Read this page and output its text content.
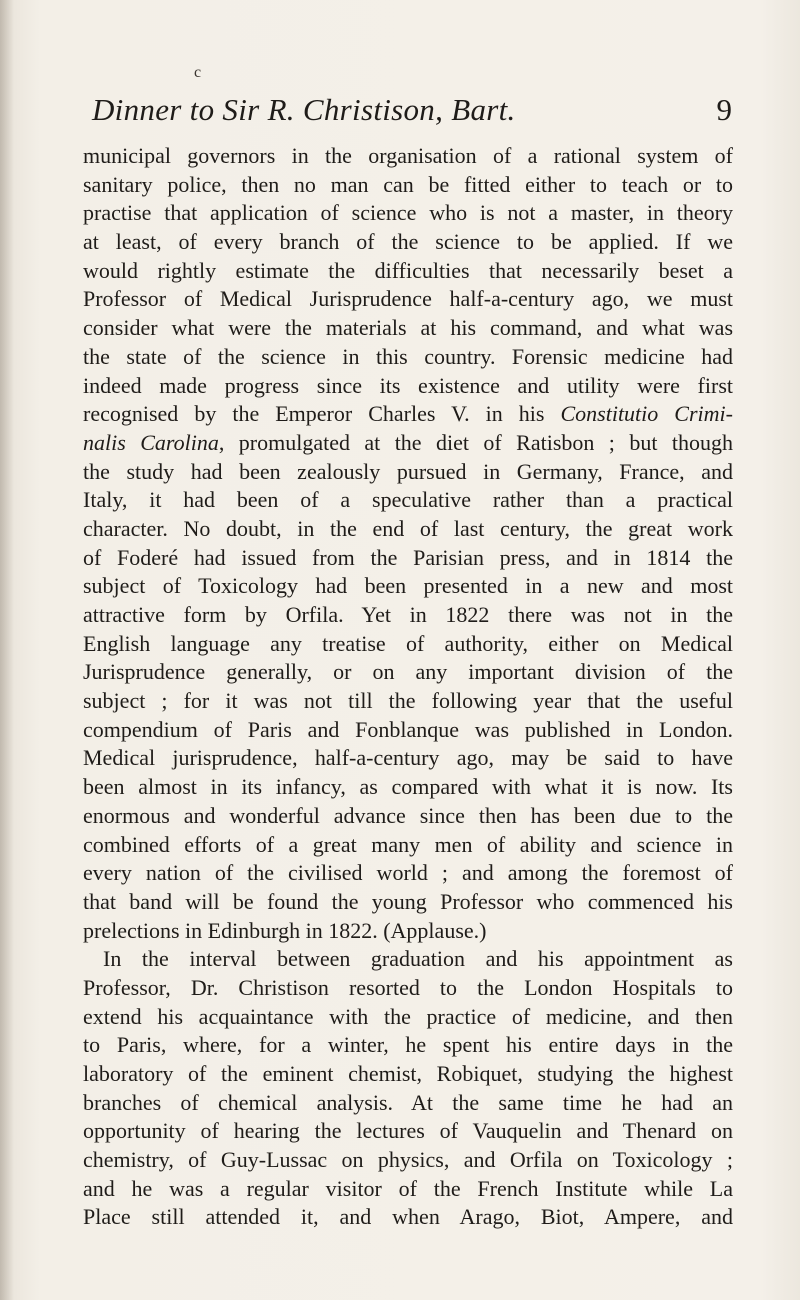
c
Dinner to Sir R. Christison, Bart.	9
municipal governors in the organisation of a rational system of
sanitary police, then no man can be fitted either to teach or to
practise that application of science who is not a master, in theory
at least, of every branch of the science to be applied. If we
would rightly estimate the difficulties that necessarily beset a
Professor of Medical Jurisprudence half-a-century ago, we must
consider what were the materials at his command, and what was
the state of the science in this country. Forensic medicine had
indeed made progress since its existence and utility were first
recognised by the Emperor Charles V. in his Constitutio Crimi-
nalis Carolina, promulgated at the diet of Ratisbon ; but though
the study had been zealously pursued in Germany, France, and
Italy, it had been of a speculative rather than a practical
character. No doubt, in the end of last century, the great work
of Foderé had issued from the Parisian press, and in 1814 the
subject of Toxicology had been presented in a new and most
attractive form by Orfila. Yet in 1822 there was not in the
English language any treatise of authority, either on Medical
Jurisprudence generally, or on any important division of the
subject ; for it was not till the following year that the useful
compendium of Paris and Fonblanque was published in London.
Medical jurisprudence, half-a-century ago, may be said to have
been almost in its infancy, as compared with what it is now. Its
enormous and wonderful advance since then has been due to the
combined efforts of a great many men of ability and science in
every nation of the civilised world ; and among the foremost of
that band will be found the young Professor who commenced his
prelections in Edinburgh in 1822. (Applause.)
In the interval between graduation and his appointment as
Professor, Dr. Christison resorted to the London Hospitals to
extend his acquaintance with the practice of medicine, and then
to Paris, where, for a winter, he spent his entire days in the
laboratory of the eminent chemist, Robiquet, studying the highest
branches of chemical analysis. At the same time he had an
opportunity of hearing the lectures of Vauquelin and Thenard on
chemistry, of Guy-Lussac on physics, and Orfila on Toxicology ;
and he was a regular visitor of the French Institute while La
Place still attended it, and when Arago, Biot, Ampere, and
